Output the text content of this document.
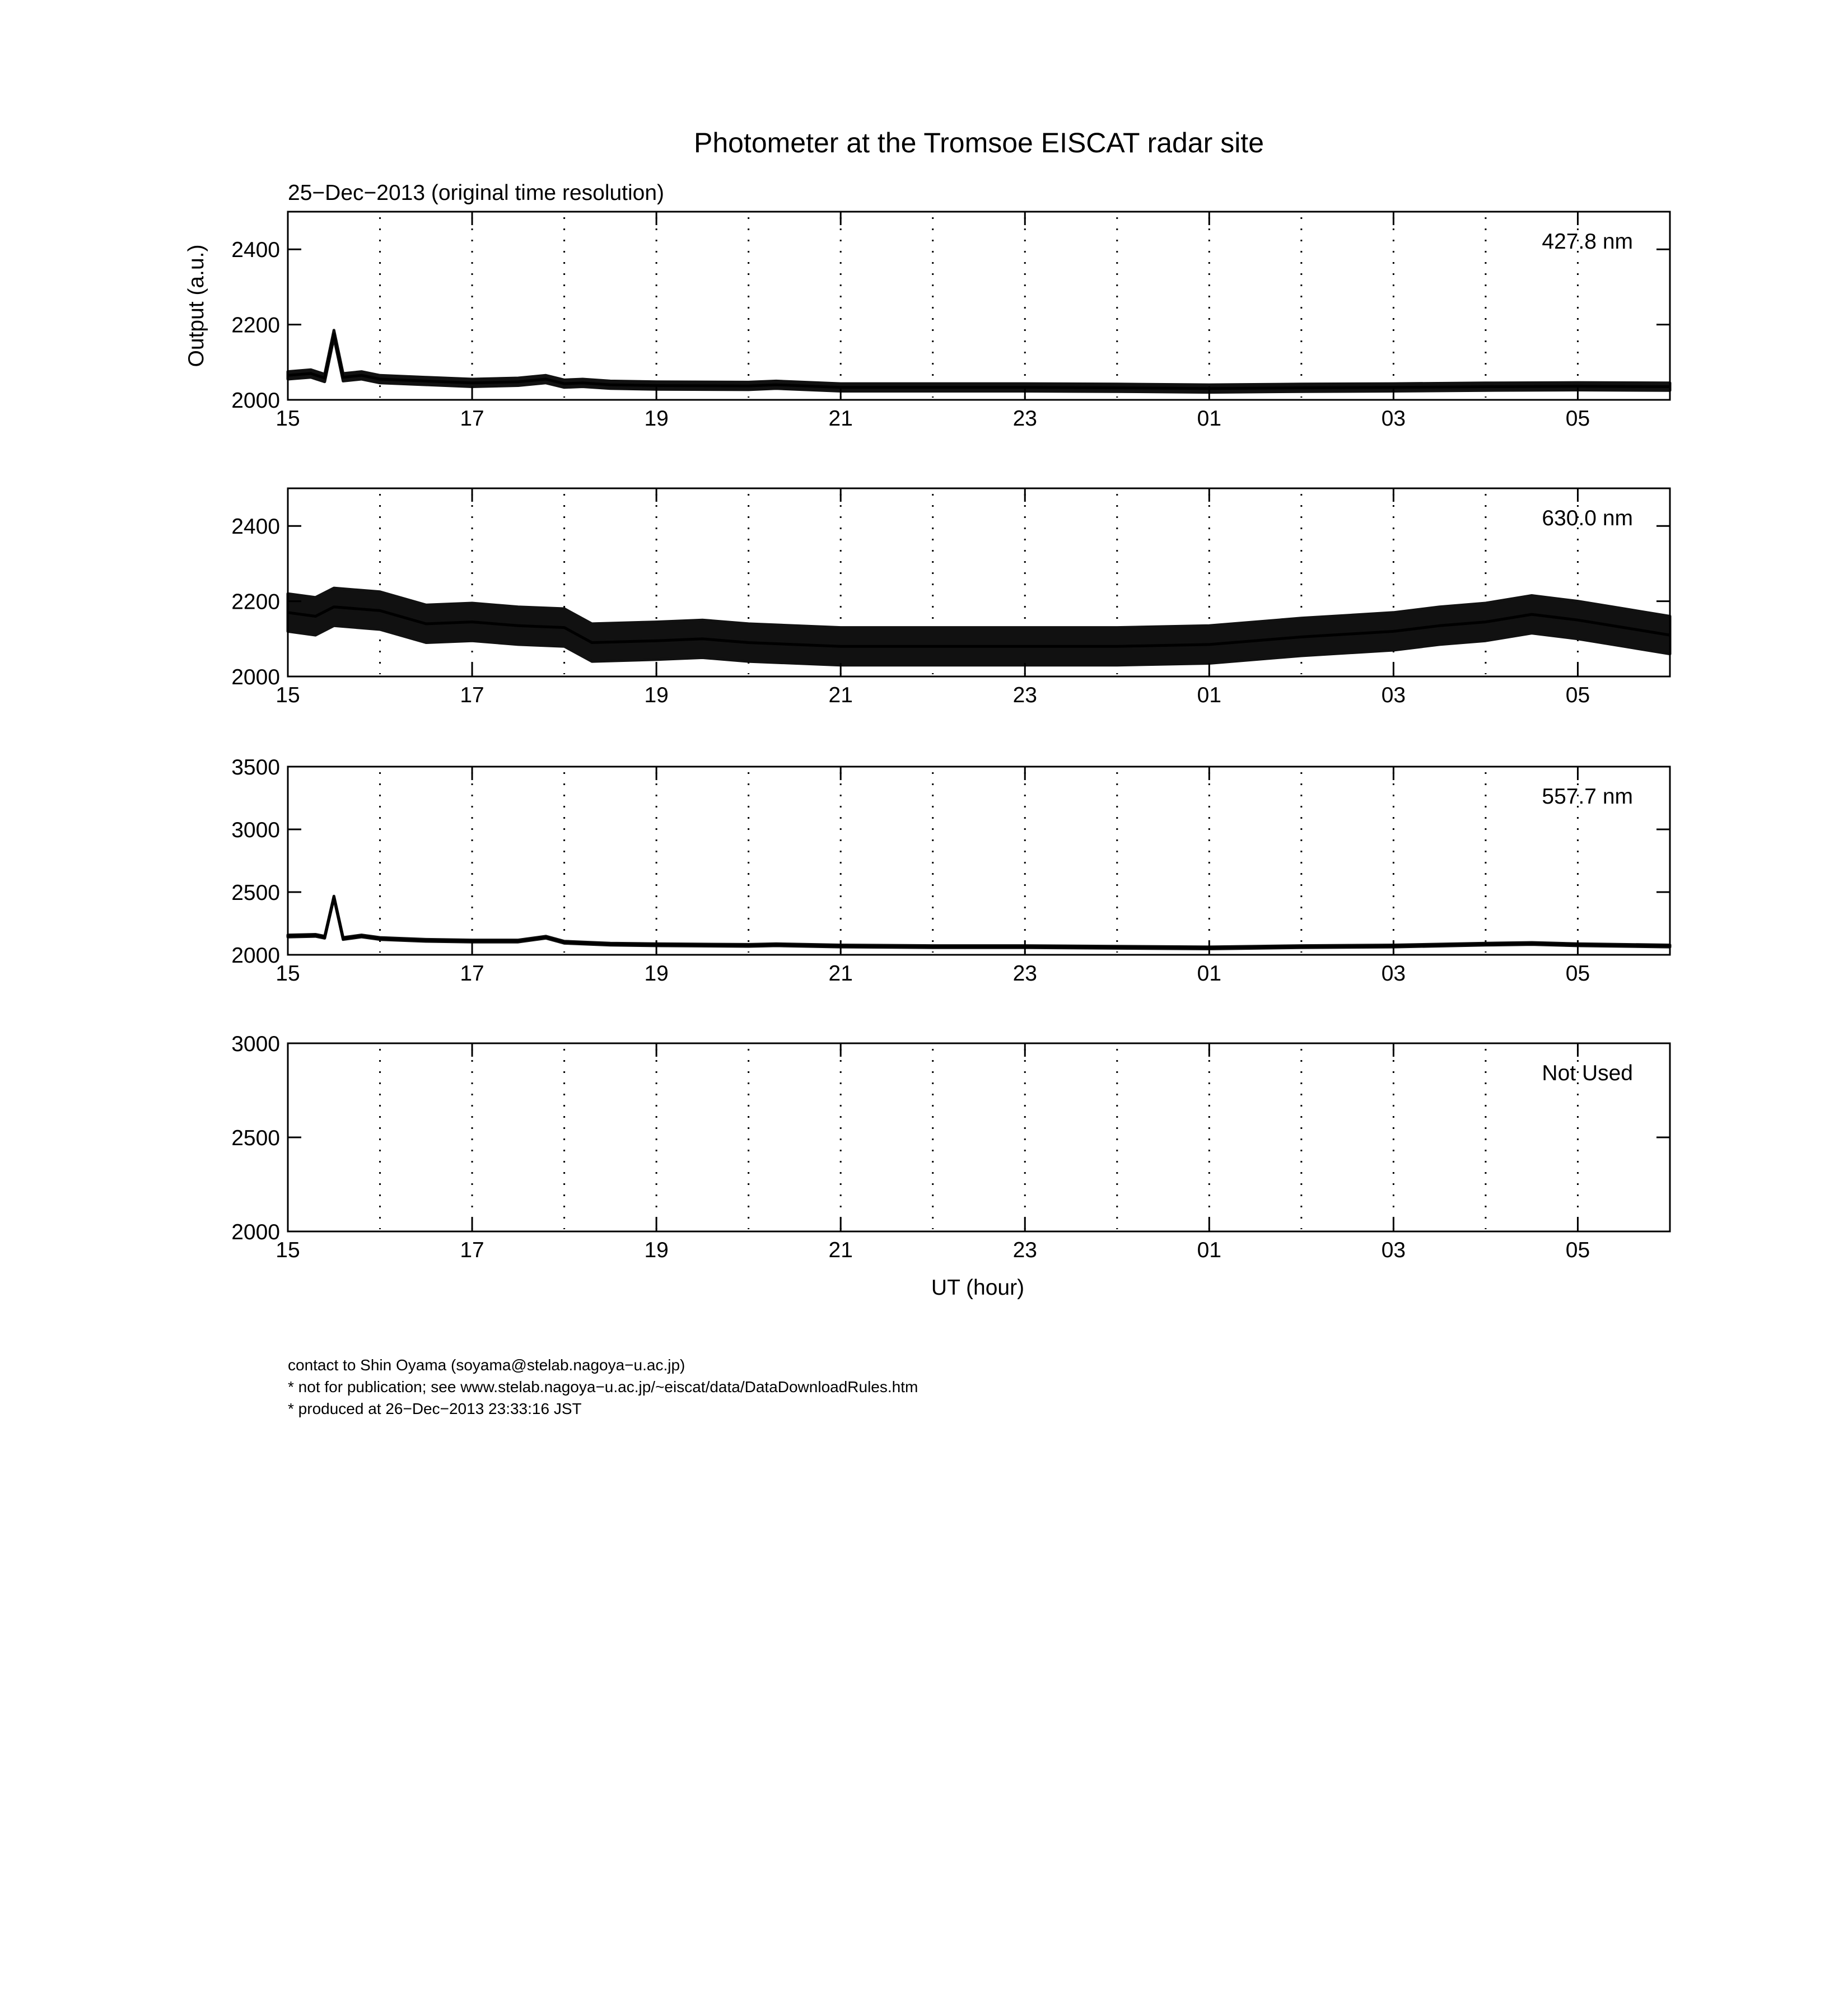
Photometer at the Tromsoe EISCAT radar site
25−Dec−2013 (original time resolution)
Output (a.u.)
UT (hour)
15	17	19	21	23	01	03	05
2000
2200
2400	427.8 nm
15	17	19	21	23	01	03	05
2000
2200
2400	630.0 nm
15	17	19	21	23	01	03	05
2000
2500
3000
3500
557.7 nm
15	17	19	21	23	01	03	05
2000
2500
3000
Not Used
contact to Shin Oyama (soyama@stelab.nagoya−u.ac.jp)
* not for publication; see www.stelab.nagoya−u.ac.jp/~eiscat/data/DataDownloadRules.htm
* produced at 26−Dec−2013 23:33:16 JST
